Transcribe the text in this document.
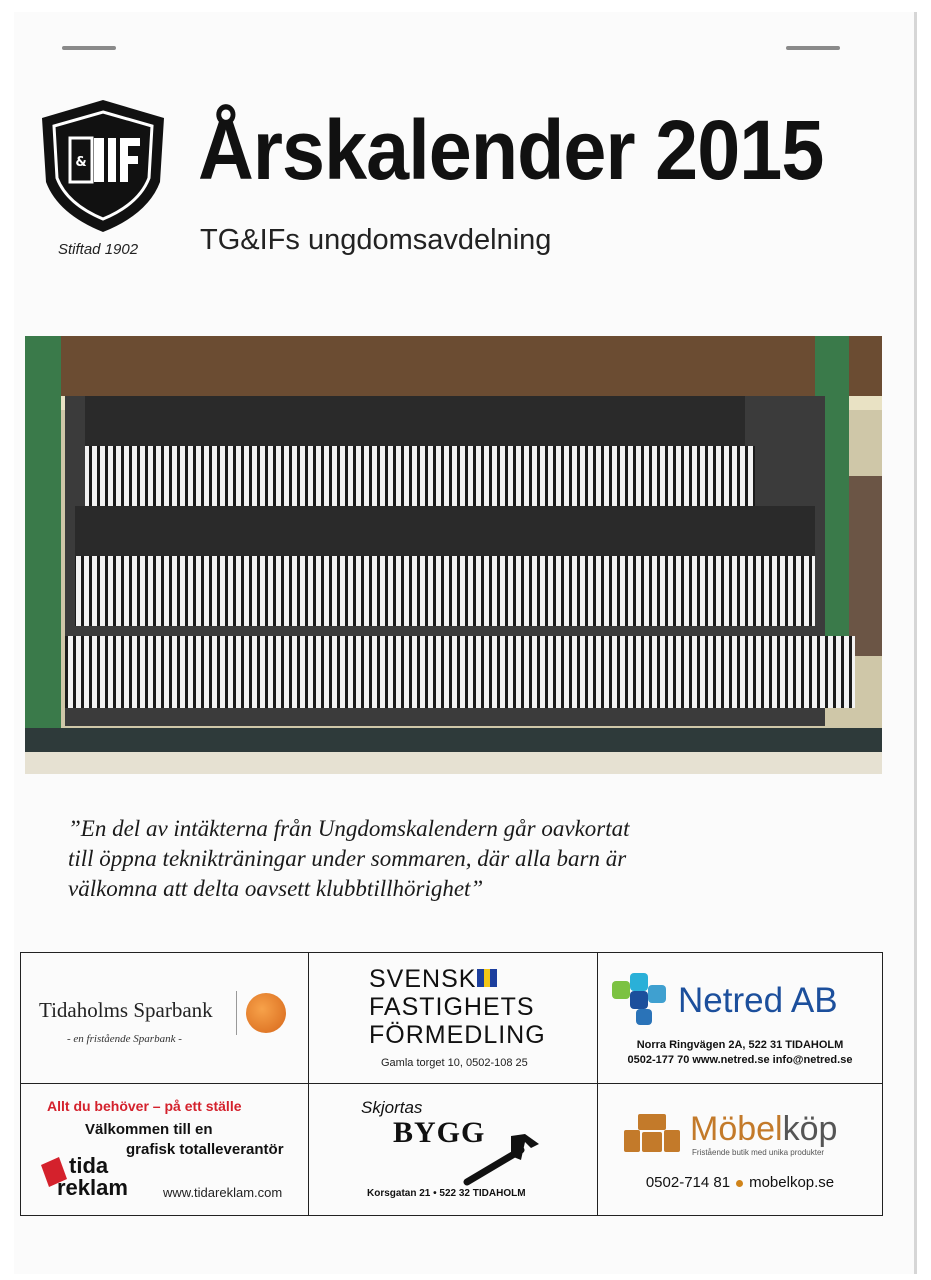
&
Stiftad 1902
Årskalender 2015
TG&IFs ungdomsavdelning

”En del av intäkterna från Ungdomskalendern går oavkortat

till öppna teknikträningar under sommaren, där alla barn är

välkomna att delta oavsett klubbtillhörighet”

Tidaholms Sparbank
- en fristående Sparbank -
SVENSK
FASTIGHETS
FÖRMEDLING
Gamla torget 10, 0502-108 25
Netred AB
Norra Ringvägen 2A, 522 31 TIDAHOLM
0502-177 70 www.netred.se info@netred.se
Allt du behöver – på ett ställe
Välkommen till en
grafisk totalleverantör
tida
reklam	www.tidareklam.com
Skjortas
BYGG
Korsgatan 21 • 522 32 TIDAHOLM
Möbelköp
Fristående butik med unika produkter
0502-714 81 mobelkop.se
